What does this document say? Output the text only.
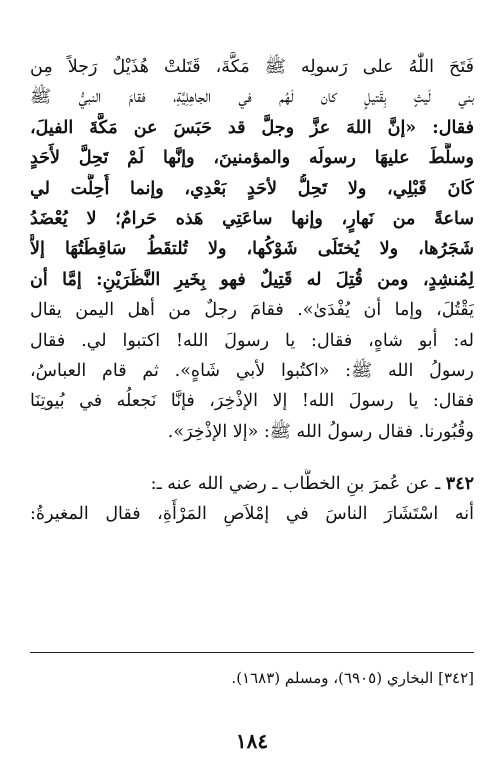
فَتَحَ اللّٰهُ على رَسولِه ﷺ مَكَّةَ، قَتَلتْ هُذَيْلٌ رَجلاً مِن
بني لَيثٍ بِقَتيلٍ كان لَهُم في الجاهِلِيَّةِ، فقامَ النبيُّ ﷺ
فقال: «إنَّ اللهَ عزَّ وجلَّ قد حَبَسَ عن مَكَّةَ الفيلَ،
وسلَّطَ عليهَا رسولَه والمؤمنينَ، وإنَّها لَمْ تَحِلَّ لأَحَدٍ
كَانَ قَبْلِي، ولا تَحِلُّ لأحَدٍ بَعْدِي، وإنما أُحِلَّت لي
ساعةً من نَهارٍ، وإنها ساعَتِي هَذه حَرامٌ؛ لا يُعْضَدُ
شَجَرُها، ولا يُختَلَى شَوْكُها، ولا تُلتقَطُ سَاقِطَتُهَا إلاَّ
لِمُنشِدٍ، ومن قُتِلَ له قَتِيلٌ فهو بِخَيرِ النَّظَرَيْنِ: إمَّا أن
يَقْتُلَ، وإما أن يُفْدَىٰ». فقامَ رجلٌ من أهل اليمن يقال
له: أبو شاهٍ، فقال: يا رسولَ الله! اكتبوا لي. فقال
رسولُ الله ﷺ: «اكتُبوا لأبي شَاهٍ». ثم قام العباسُ،
فقال: يا رسولَ الله! إلا الإذْخِرَ، فإنَّا نَجعلُه في بُيوتِنَا
وقُبُورنا. فقال رسولُ الله ﷺ: «إلا الإذْخِرَ».
٣٤٢ ـ عن عُمرَ بنِ الخطَّاب ـ رضي الله عنه ـ:
أنه اسْتَشَارَ الناسَ في إمْلاَصِ المَرْأَةِ، فقال المغيرةُ:
[٣٤٢] البخاري (٦٩٠٥)، ومسلم (١٦٨٣).
١٨٤
